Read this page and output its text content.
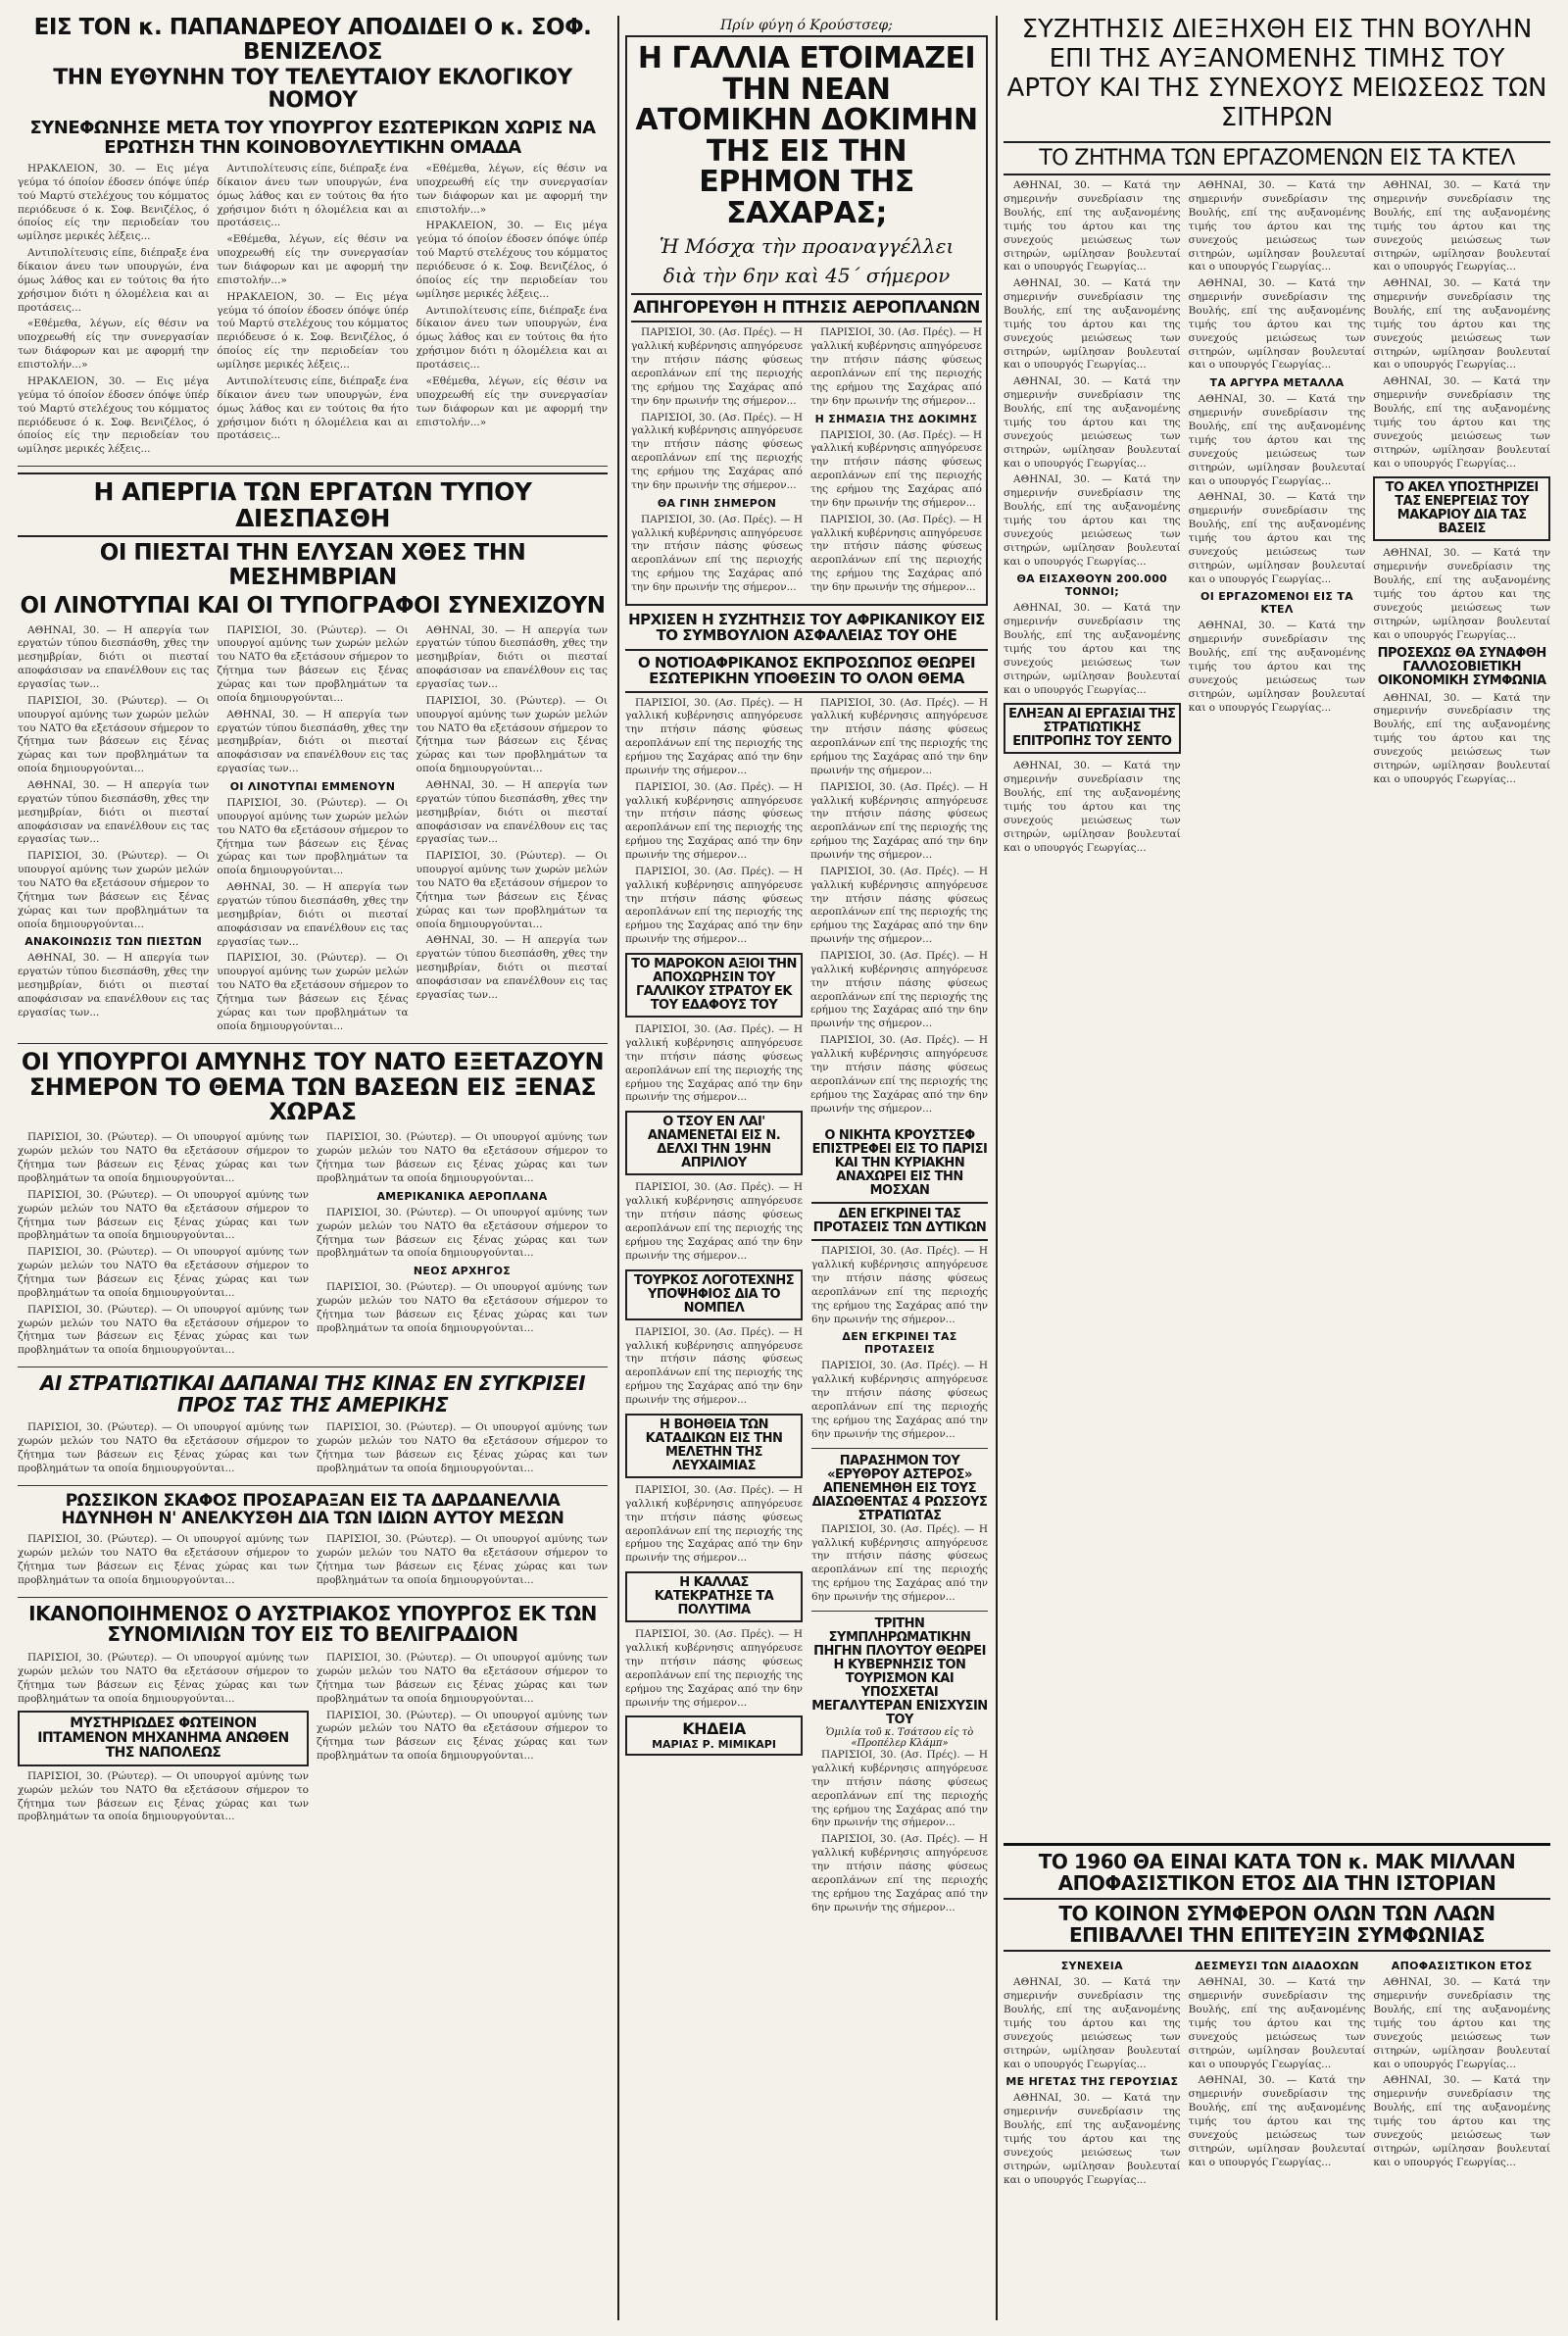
ΕΙΣ ΤΟΝ κ. ΠΑΠΑΝΔΡΕΟΥ ΑΠΟΔΙΔΕΙ Ο κ. ΣΟΦ. ΒΕΝΙΖΕΛΟΣ
ΤΗΝ ΕΥΘΥΝΗΝ ΤΟΥ ΤΕΛΕΥΤΑΙΟΥ ΕΚΛΟΓΙΚΟΥ ΝΟΜΟΥ
ΣΥΝΕΦΩΝΗΣΕ ΜΕΤΑ ΤΟΥ ΥΠΟΥΡΓΟΥ ΕΣΩΤΕΡΙΚΩΝ ΧΩΡΙΣ ΝΑ ΕΡΩΤΗΣΗ ΤΗΝ ΚΟΙΝΟΒΟΥΛΕΥΤΙΚΗΝ ΟΜΑΔΑ

ΗΡΑΚΛΕΙΟΝ, 30. — Εις μέγα γεύμα τό όποίον έδοσεν όπόψε ύπέρ τού Μαρτύ στελέχους του κόμματος περιόδευσε ό κ. Σοφ. Βενιζέλος, ό όποίος είς την περιοδείαν του ωμίλησε μερικές λέξεις...

Αντιπολίτευσις είπε, διέπραξε ένα δίκαιον άνευ των υπουργών, ένα όμως λάθος και εν τούτοις θα ήτο χρήσιμον διότι η όλομέλεια και αι προτάσεις...

«Εθέμεθα, λέγων, είς θέσιν να υποχρεωθή είς την συνεργασίαν των διάφορων και με αφορμή την επιστολήν...»

ΗΡΑΚΛΕΙΟΝ, 30. — Εις μέγα γεύμα τό όποίον έδοσεν όπόψε ύπέρ τού Μαρτύ στελέχους του κόμματος περιόδευσε ό κ. Σοφ. Βενιζέλος, ό όποίος είς την περιοδείαν του ωμίλησε μερικές λέξεις...

Αντιπολίτευσις είπε, διέπραξε ένα δίκαιον άνευ των υπουργών, ένα όμως λάθος και εν τούτοις θα ήτο χρήσιμον διότι η όλομέλεια και αι προτάσεις...

«Εθέμεθα, λέγων, είς θέσιν να υποχρεωθή είς την συνεργασίαν των διάφορων και με αφορμή την επιστολήν...»

ΗΡΑΚΛΕΙΟΝ, 30. — Εις μέγα γεύμα τό όποίον έδοσεν όπόψε ύπέρ τού Μαρτύ στελέχους του κόμματος περιόδευσε ό κ. Σοφ. Βενιζέλος, ό όποίος είς την περιοδείαν του ωμίλησε μερικές λέξεις...

Αντιπολίτευσις είπε, διέπραξε ένα δίκαιον άνευ των υπουργών, ένα όμως λάθος και εν τούτοις θα ήτο χρήσιμον διότι η όλομέλεια και αι προτάσεις...

«Εθέμεθα, λέγων, είς θέσιν να υποχρεωθή είς την συνεργασίαν των διάφορων και με αφορμή την επιστολήν...»

ΗΡΑΚΛΕΙΟΝ, 30. — Εις μέγα γεύμα τό όποίον έδοσεν όπόψε ύπέρ τού Μαρτύ στελέχους του κόμματος περιόδευσε ό κ. Σοφ. Βενιζέλος, ό όποίος είς την περιοδείαν του ωμίλησε μερικές λέξεις...

Αντιπολίτευσις είπε, διέπραξε ένα δίκαιον άνευ των υπουργών, ένα όμως λάθος και εν τούτοις θα ήτο χρήσιμον διότι η όλομέλεια και αι προτάσεις...

«Εθέμεθα, λέγων, είς θέσιν να υποχρεωθή είς την συνεργασίαν των διάφορων και με αφορμή την επιστολήν...»

Η ΑΠΕΡΓΙΑ ΤΩΝ ΕΡΓΑΤΩΝ ΤΥΠΟΥ ΔΙΕΣΠΑΣΘΗ
ΟΙ ΠΙΕΣΤΑΙ ΤΗΝ ΕΛΥΣΑΝ ΧΘΕΣ ΤΗΝ ΜΕΣΗΜΒΡΙΑΝ
ΟΙ ΛΙΝΟΤΥΠΑΙ ΚΑΙ ΟΙ ΤΥΠΟΓΡΑΦΟΙ ΣΥΝΕΧΙΖΟΥΝ

ΑΘΗΝΑΙ, 30. — Η απεργία των εργατών τύπου διεσπάσθη, χθες την μεσημβρίαν, διότι οι πιεσταί αποφάσισαν να επανέλθουν εις τας εργασίας των...

ΠΑΡΙΣΙΟΙ, 30. (Ρώυτερ). — Οι υπουργοί αμύνης των χωρών μελών του ΝΑΤΟ θα εξετάσουν σήμερον το ζήτημα των βάσεων εις ξένας χώρας και των προβλημάτων τα οποία δημιουργούνται...

ΑΘΗΝΑΙ, 30. — Η απεργία των εργατών τύπου διεσπάσθη, χθες την μεσημβρίαν, διότι οι πιεσταί αποφάσισαν να επανέλθουν εις τας εργασίας των...

ΠΑΡΙΣΙΟΙ, 30. (Ρώυτερ). — Οι υπουργοί αμύνης των χωρών μελών του ΝΑΤΟ θα εξετάσουν σήμερον το ζήτημα των βάσεων εις ξένας χώρας και των προβλημάτων τα οποία δημιουργούνται...

ΑΝΑΚΟΙΝΩΣΙΣ ΤΩΝ ΠΙΕΣΤΩΝ

ΑΘΗΝΑΙ, 30. — Η απεργία των εργατών τύπου διεσπάσθη, χθες την μεσημβρίαν, διότι οι πιεσταί αποφάσισαν να επανέλθουν εις τας εργασίας των...

ΠΑΡΙΣΙΟΙ, 30. (Ρώυτερ). — Οι υπουργοί αμύνης των χωρών μελών του ΝΑΤΟ θα εξετάσουν σήμερον το ζήτημα των βάσεων εις ξένας χώρας και των προβλημάτων τα οποία δημιουργούνται...

ΑΘΗΝΑΙ, 30. — Η απεργία των εργατών τύπου διεσπάσθη, χθες την μεσημβρίαν, διότι οι πιεσταί αποφάσισαν να επανέλθουν εις τας εργασίας των...

ΟΙ ΛΙΝΟΤΥΠΑΙ ΕΜΜΕΝΟΥΝ

ΠΑΡΙΣΙΟΙ, 30. (Ρώυτερ). — Οι υπουργοί αμύνης των χωρών μελών του ΝΑΤΟ θα εξετάσουν σήμερον το ζήτημα των βάσεων εις ξένας χώρας και των προβλημάτων τα οποία δημιουργούνται...

ΑΘΗΝΑΙ, 30. — Η απεργία των εργατών τύπου διεσπάσθη, χθες την μεσημβρίαν, διότι οι πιεσταί αποφάσισαν να επανέλθουν εις τας εργασίας των...

ΠΑΡΙΣΙΟΙ, 30. (Ρώυτερ). — Οι υπουργοί αμύνης των χωρών μελών του ΝΑΤΟ θα εξετάσουν σήμερον το ζήτημα των βάσεων εις ξένας χώρας και των προβλημάτων τα οποία δημιουργούνται...

ΑΘΗΝΑΙ, 30. — Η απεργία των εργατών τύπου διεσπάσθη, χθες την μεσημβρίαν, διότι οι πιεσταί αποφάσισαν να επανέλθουν εις τας εργασίας των...

ΠΑΡΙΣΙΟΙ, 30. (Ρώυτερ). — Οι υπουργοί αμύνης των χωρών μελών του ΝΑΤΟ θα εξετάσουν σήμερον το ζήτημα των βάσεων εις ξένας χώρας και των προβλημάτων τα οποία δημιουργούνται...

ΑΘΗΝΑΙ, 30. — Η απεργία των εργατών τύπου διεσπάσθη, χθες την μεσημβρίαν, διότι οι πιεσταί αποφάσισαν να επανέλθουν εις τας εργασίας των...

ΠΑΡΙΣΙΟΙ, 30. (Ρώυτερ). — Οι υπουργοί αμύνης των χωρών μελών του ΝΑΤΟ θα εξετάσουν σήμερον το ζήτημα των βάσεων εις ξένας χώρας και των προβλημάτων τα οποία δημιουργούνται...

ΑΘΗΝΑΙ, 30. — Η απεργία των εργατών τύπου διεσπάσθη, χθες την μεσημβρίαν, διότι οι πιεσταί αποφάσισαν να επανέλθουν εις τας εργασίας των...

ΟΙ ΥΠΟΥΡΓΟΙ ΑΜΥΝΗΣ ΤΟΥ ΝΑΤΟ ΕΞΕΤΑΖΟΥΝ ΣΗΜΕΡΟΝ ΤΟ ΘΕΜΑ ΤΩΝ ΒΑΣΕΩΝ ΕΙΣ ΞΕΝΑΣ ΧΩΡΑΣ

ΠΑΡΙΣΙΟΙ, 30. (Ρώυτερ). — Οι υπουργοί αμύνης των χωρών μελών του ΝΑΤΟ θα εξετάσουν σήμερον το ζήτημα των βάσεων εις ξένας χώρας και των προβλημάτων τα οποία δημιουργούνται...

ΠΑΡΙΣΙΟΙ, 30. (Ρώυτερ). — Οι υπουργοί αμύνης των χωρών μελών του ΝΑΤΟ θα εξετάσουν σήμερον το ζήτημα των βάσεων εις ξένας χώρας και των προβλημάτων τα οποία δημιουργούνται...

ΠΑΡΙΣΙΟΙ, 30. (Ρώυτερ). — Οι υπουργοί αμύνης των χωρών μελών του ΝΑΤΟ θα εξετάσουν σήμερον το ζήτημα των βάσεων εις ξένας χώρας και των προβλημάτων τα οποία δημιουργούνται...

ΠΑΡΙΣΙΟΙ, 30. (Ρώυτερ). — Οι υπουργοί αμύνης των χωρών μελών του ΝΑΤΟ θα εξετάσουν σήμερον το ζήτημα των βάσεων εις ξένας χώρας και των προβλημάτων τα οποία δημιουργούνται...

ΠΑΡΙΣΙΟΙ, 30. (Ρώυτερ). — Οι υπουργοί αμύνης των χωρών μελών του ΝΑΤΟ θα εξετάσουν σήμερον το ζήτημα των βάσεων εις ξένας χώρας και των προβλημάτων τα οποία δημιουργούνται...

ΑΜΕΡΙΚΑΝΙΚΑ ΑΕΡΟΠΛΑΝΑ

ΠΑΡΙΣΙΟΙ, 30. (Ρώυτερ). — Οι υπουργοί αμύνης των χωρών μελών του ΝΑΤΟ θα εξετάσουν σήμερον το ζήτημα των βάσεων εις ξένας χώρας και των προβλημάτων τα οποία δημιουργούνται...

ΝΕΟΣ ΑΡΧΗΓΟΣ

ΠΑΡΙΣΙΟΙ, 30. (Ρώυτερ). — Οι υπουργοί αμύνης των χωρών μελών του ΝΑΤΟ θα εξετάσουν σήμερον το ζήτημα των βάσεων εις ξένας χώρας και των προβλημάτων τα οποία δημιουργούνται...

ΑΙ ΣΤΡΑΤΙΩΤΙΚΑΙ ΔΑΠΑΝΑΙ ΤΗΣ ΚΙΝΑΣ ΕΝ ΣΥΓΚΡΙΣΕΙ ΠΡΟΣ ΤΑΣ ΤΗΣ ΑΜΕΡΙΚΗΣ

ΠΑΡΙΣΙΟΙ, 30. (Ρώυτερ). — Οι υπουργοί αμύνης των χωρών μελών του ΝΑΤΟ θα εξετάσουν σήμερον το ζήτημα των βάσεων εις ξένας χώρας και των προβλημάτων τα οποία δημιουργούνται...

ΠΑΡΙΣΙΟΙ, 30. (Ρώυτερ). — Οι υπουργοί αμύνης των χωρών μελών του ΝΑΤΟ θα εξετάσουν σήμερον το ζήτημα των βάσεων εις ξένας χώρας και των προβλημάτων τα οποία δημιουργούνται...

ΡΩΣΣΙΚΟΝ ΣΚΑΦΟΣ ΠΡΟΣΑΡΑΞΑΝ ΕΙΣ ΤΑ ΔΑΡΔΑΝΕΛΛΙΑ ΗΔΥΝΗΘΗ Ν' ΑΝΕΛΚΥΣΘΗ ΔΙΑ ΤΩΝ ΙΔΙΩΝ ΑΥΤΟΥ ΜΕΣΩΝ

ΠΑΡΙΣΙΟΙ, 30. (Ρώυτερ). — Οι υπουργοί αμύνης των χωρών μελών του ΝΑΤΟ θα εξετάσουν σήμερον το ζήτημα των βάσεων εις ξένας χώρας και των προβλημάτων τα οποία δημιουργούνται...

ΠΑΡΙΣΙΟΙ, 30. (Ρώυτερ). — Οι υπουργοί αμύνης των χωρών μελών του ΝΑΤΟ θα εξετάσουν σήμερον το ζήτημα των βάσεων εις ξένας χώρας και των προβλημάτων τα οποία δημιουργούνται...

ΙΚΑΝΟΠΟΙΗΜΕΝΟΣ Ο ΑΥΣΤΡΙΑΚΟΣ ΥΠΟΥΡΓΟΣ ΕΚ ΤΩΝ ΣΥΝΟΜΙΛΙΩΝ ΤΟΥ ΕΙΣ ΤΟ ΒΕΛΙΓΡΑΔΙΟΝ

ΠΑΡΙΣΙΟΙ, 30. (Ρώυτερ). — Οι υπουργοί αμύνης των χωρών μελών του ΝΑΤΟ θα εξετάσουν σήμερον το ζήτημα των βάσεων εις ξένας χώρας και των προβλημάτων τα οποία δημιουργούνται...

ΜΥΣΤΗΡΙΩΔΕΣ ΦΩΤΕΙΝΟΝ ΙΠΤΑΜΕΝΟΝ ΜΗΧΑΝΗΜΑ ΑΝΩΘΕΝ ΤΗΣ ΝΑΠΟΛΕΩΣ

ΠΑΡΙΣΙΟΙ, 30. (Ρώυτερ). — Οι υπουργοί αμύνης των χωρών μελών του ΝΑΤΟ θα εξετάσουν σήμερον το ζήτημα των βάσεων εις ξένας χώρας και των προβλημάτων τα οποία δημιουργούνται...

ΠΑΡΙΣΙΟΙ, 30. (Ρώυτερ). — Οι υπουργοί αμύνης των χωρών μελών του ΝΑΤΟ θα εξετάσουν σήμερον το ζήτημα των βάσεων εις ξένας χώρας και των προβλημάτων τα οποία δημιουργούνται...

ΠΑΡΙΣΙΟΙ, 30. (Ρώυτερ). — Οι υπουργοί αμύνης των χωρών μελών του ΝΑΤΟ θα εξετάσουν σήμερον το ζήτημα των βάσεων εις ξένας χώρας και των προβλημάτων τα οποία δημιουργούνται...

Πρίν φύγη ό Κρούστσεφ;
Η ΓΑΛΛΙΑ ΕΤΟΙΜΑΖΕΙ ΤΗΝ ΝΕΑΝ ΑΤΟΜΙΚΗΝ ΔΟΚΙΜΗΝ ΤΗΣ ΕΙΣ ΤΗΝ ΕΡΗΜΟΝ ΤΗΣ ΣΑΧΑΡΑΣ;
Ἡ Μόσχα τὴν προαναγγέλλει
διὰ τὴν 6ην καὶ 45΄ σήμερον
ΑΠΗΓΟΡΕΥΘΗ Η ΠΤΗΣΙΣ ΑΕΡΟΠΛΑΝΩΝ

ΠΑΡΙΣΙΟΙ, 30. (Ασ. Πρές). — Η γαλλική κυβέρνησις απηγόρευσε την πτήσιν πάσης φύσεως αεροπλάνων επί της περιοχής της ερήμου της Σαχάρας από την 6ην πρωινήν της σήμερον...

ΠΑΡΙΣΙΟΙ, 30. (Ασ. Πρές). — Η γαλλική κυβέρνησις απηγόρευσε την πτήσιν πάσης φύσεως αεροπλάνων επί της περιοχής της ερήμου της Σαχάρας από την 6ην πρωινήν της σήμερον...

ΘΑ ΓΙΝΗ ΣΗΜΕΡΟΝ

ΠΑΡΙΣΙΟΙ, 30. (Ασ. Πρές). — Η γαλλική κυβέρνησις απηγόρευσε την πτήσιν πάσης φύσεως αεροπλάνων επί της περιοχής της ερήμου της Σαχάρας από την 6ην πρωινήν της σήμερον...

ΠΑΡΙΣΙΟΙ, 30. (Ασ. Πρές). — Η γαλλική κυβέρνησις απηγόρευσε την πτήσιν πάσης φύσεως αεροπλάνων επί της περιοχής της ερήμου της Σαχάρας από την 6ην πρωινήν της σήμερον...

Η ΣΗΜΑΣΙΑ ΤΗΣ ΔΟΚΙΜΗΣ

ΠΑΡΙΣΙΟΙ, 30. (Ασ. Πρές). — Η γαλλική κυβέρνησις απηγόρευσε την πτήσιν πάσης φύσεως αεροπλάνων επί της περιοχής της ερήμου της Σαχάρας από την 6ην πρωινήν της σήμερον...

ΠΑΡΙΣΙΟΙ, 30. (Ασ. Πρές). — Η γαλλική κυβέρνησις απηγόρευσε την πτήσιν πάσης φύσεως αεροπλάνων επί της περιοχής της ερήμου της Σαχάρας από την 6ην πρωινήν της σήμερον...

ΗΡΧΙΣΕΝ Η ΣΥΖΗΤΗΣΙΣ ΤΟΥ ΑΦΡΙΚΑΝΙΚΟΥ ΕΙΣ ΤΟ ΣΥΜΒΟΥΛΙΟΝ ΑΣΦΑΛΕΙΑΣ ΤΟΥ ΟΗΕ
Ο ΝΟΤΙΟΑΦΡΙΚΑΝΟΣ ΕΚΠΡΟΣΩΠΟΣ ΘΕΩΡΕΙ ΕΣΩΤΕΡΙΚΗΝ ΥΠΟΘΕΣΙΝ ΤΟ ΟΛΟΝ ΘΕΜΑ

ΠΑΡΙΣΙΟΙ, 30. (Ασ. Πρές). — Η γαλλική κυβέρνησις απηγόρευσε την πτήσιν πάσης φύσεως αεροπλάνων επί της περιοχής της ερήμου της Σαχάρας από την 6ην πρωινήν της σήμερον...

ΠΑΡΙΣΙΟΙ, 30. (Ασ. Πρές). — Η γαλλική κυβέρνησις απηγόρευσε την πτήσιν πάσης φύσεως αεροπλάνων επί της περιοχής της ερήμου της Σαχάρας από την 6ην πρωινήν της σήμερον...

ΠΑΡΙΣΙΟΙ, 30. (Ασ. Πρές). — Η γαλλική κυβέρνησις απηγόρευσε την πτήσιν πάσης φύσεως αεροπλάνων επί της περιοχής της ερήμου της Σαχάρας από την 6ην πρωινήν της σήμερον...

ΤΟ ΜΑΡΟΚΟΝ ΑΞΙΟΙ ΤΗΝ ΑΠΟΧΩΡΗΣΙΝ ΤΟΥ ΓΑΛΛΙΚΟΥ ΣΤΡΑΤΟΥ ΕΚ ΤΟΥ ΕΔΑΦΟΥΣ ΤΟΥ

ΠΑΡΙΣΙΟΙ, 30. (Ασ. Πρές). — Η γαλλική κυβέρνησις απηγόρευσε την πτήσιν πάσης φύσεως αεροπλάνων επί της περιοχής της ερήμου της Σαχάρας από την 6ην πρωινήν της σήμερον...

Ο ΤΣΟΥ ΕΝ ΛΑΙ' ΑΝΑΜΕΝΕΤΑΙ ΕΙΣ Ν. ΔΕΛΧΙ ΤΗΝ 19ΗΝ ΑΠΡΙΛΙΟΥ

ΠΑΡΙΣΙΟΙ, 30. (Ασ. Πρές). — Η γαλλική κυβέρνησις απηγόρευσε την πτήσιν πάσης φύσεως αεροπλάνων επί της περιοχής της ερήμου της Σαχάρας από την 6ην πρωινήν της σήμερον...

ΤΟΥΡΚΟΣ ΛΟΓΟΤΕΧΝΗΣ ΥΠΟΨΗΦΙΟΣ ΔΙΑ ΤΟ ΝΟΜΠΕΛ

ΠΑΡΙΣΙΟΙ, 30. (Ασ. Πρές). — Η γαλλική κυβέρνησις απηγόρευσε την πτήσιν πάσης φύσεως αεροπλάνων επί της περιοχής της ερήμου της Σαχάρας από την 6ην πρωινήν της σήμερον...

Η ΒΟΗΘΕΙΑ ΤΩΝ ΚΑΤΑΔΙΚΩΝ ΕΙΣ ΤΗΝ ΜΕΛΕΤΗΝ ΤΗΣ ΛΕΥΧΑΙΜΙΑΣ

ΠΑΡΙΣΙΟΙ, 30. (Ασ. Πρές). — Η γαλλική κυβέρνησις απηγόρευσε την πτήσιν πάσης φύσεως αεροπλάνων επί της περιοχής της ερήμου της Σαχάρας από την 6ην πρωινήν της σήμερον...

Η ΚΑΛΛΑΣ ΚΑΤΕΚΡΑΤΗΣΕ ΤΑ ΠΟΛΥΤΙΜΑ

ΠΑΡΙΣΙΟΙ, 30. (Ασ. Πρές). — Η γαλλική κυβέρνησις απηγόρευσε την πτήσιν πάσης φύσεως αεροπλάνων επί της περιοχής της ερήμου της Σαχάρας από την 6ην πρωινήν της σήμερον...

ΚΗΔΕΙΑ
ΜΑΡΙΑΣ Ρ. ΜΙΜΙΚΑΡΙ

ΠΑΡΙΣΙΟΙ, 30. (Ασ. Πρές). — Η γαλλική κυβέρνησις απηγόρευσε την πτήσιν πάσης φύσεως αεροπλάνων επί της περιοχής της ερήμου της Σαχάρας από την 6ην πρωινήν της σήμερον...

ΠΑΡΙΣΙΟΙ, 30. (Ασ. Πρές). — Η γαλλική κυβέρνησις απηγόρευσε την πτήσιν πάσης φύσεως αεροπλάνων επί της περιοχής της ερήμου της Σαχάρας από την 6ην πρωινήν της σήμερον...

ΠΑΡΙΣΙΟΙ, 30. (Ασ. Πρές). — Η γαλλική κυβέρνησις απηγόρευσε την πτήσιν πάσης φύσεως αεροπλάνων επί της περιοχής της ερήμου της Σαχάρας από την 6ην πρωινήν της σήμερον...

ΠΑΡΙΣΙΟΙ, 30. (Ασ. Πρές). — Η γαλλική κυβέρνησις απηγόρευσε την πτήσιν πάσης φύσεως αεροπλάνων επί της περιοχής της ερήμου της Σαχάρας από την 6ην πρωινήν της σήμερον...

ΠΑΡΙΣΙΟΙ, 30. (Ασ. Πρές). — Η γαλλική κυβέρνησις απηγόρευσε την πτήσιν πάσης φύσεως αεροπλάνων επί της περιοχής της ερήμου της Σαχάρας από την 6ην πρωινήν της σήμερον...

Ο ΝΙΚΗΤΑ ΚΡΟΥΣΤΣΕΦ ΕΠΙΣΤΡΕΦΕΙ ΕΙΣ ΤΟ ΠΑΡΙΣΙ ΚΑΙ ΤΗΝ ΚΥΡΙΑΚΗΝ ΑΝΑΧΩΡΕΙ ΕΙΣ ΤΗΝ ΜΟΣΧΑΝ
ΔΕΝ ΕΓΚΡΙΝΕΙ ΤΑΣ ΠΡΟΤΑΣΕΙΣ ΤΩΝ ΔΥΤΙΚΩΝ

ΠΑΡΙΣΙΟΙ, 30. (Ασ. Πρές). — Η γαλλική κυβέρνησις απηγόρευσε την πτήσιν πάσης φύσεως αεροπλάνων επί της περιοχής της ερήμου της Σαχάρας από την 6ην πρωινήν της σήμερον...

ΔΕΝ ΕΓΚΡΙΝΕΙ ΤΑΣ ΠΡΟΤΑΣΕΙΣ

ΠΑΡΙΣΙΟΙ, 30. (Ασ. Πρές). — Η γαλλική κυβέρνησις απηγόρευσε την πτήσιν πάσης φύσεως αεροπλάνων επί της περιοχής της ερήμου της Σαχάρας από την 6ην πρωινήν της σήμερον...

ΠΑΡΑΣΗΜΟΝ ΤΟΥ «ΕΡΥΘΡΟΥ ΑΣΤΕΡΟΣ» ΑΠΕΝΕΜΗΘΗ ΕΙΣ ΤΟΥΣ ΔΙΑΣΩΘΕΝΤΑΣ 4 ΡΩΣΣΟΥΣ ΣΤΡΑΤΙΩΤΑΣ

ΠΑΡΙΣΙΟΙ, 30. (Ασ. Πρές). — Η γαλλική κυβέρνησις απηγόρευσε την πτήσιν πάσης φύσεως αεροπλάνων επί της περιοχής της ερήμου της Σαχάρας από την 6ην πρωινήν της σήμερον...

ΤΡΙΤΗΝ ΣΥΜΠΛΗΡΩΜΑΤΙΚΗΝ ΠΗΓΗΝ ΠΛΟΥΤΟΥ ΘΕΩΡΕΙ Η ΚΥΒΕΡΝΗΣΙΣ ΤΟΝ ΤΟΥΡΙΣΜΟΝ ΚΑΙ ΥΠΟΣΧΕΤΑΙ ΜΕΓΑΛΥΤΕΡΑΝ ΕΝΙΣΧΥΣΙΝ ΤΟΥ
Ὁμιλία τοῦ κ. Τσάτσου εἰς τὸ «Προπέλερ Κλάμπ»

ΠΑΡΙΣΙΟΙ, 30. (Ασ. Πρές). — Η γαλλική κυβέρνησις απηγόρευσε την πτήσιν πάσης φύσεως αεροπλάνων επί της περιοχής της ερήμου της Σαχάρας από την 6ην πρωινήν της σήμερον...

ΠΑΡΙΣΙΟΙ, 30. (Ασ. Πρές). — Η γαλλική κυβέρνησις απηγόρευσε την πτήσιν πάσης φύσεως αεροπλάνων επί της περιοχής της ερήμου της Σαχάρας από την 6ην πρωινήν της σήμερον...

ΣΥΖΗΤΗΣΙΣ ΔΙΕΞΗΧΘΗ ΕΙΣ ΤΗΝ ΒΟΥΛΗΝ ΕΠΙ ΤΗΣ ΑΥΞΑΝΟΜΕΝΗΣ ΤΙΜΗΣ ΤΟΥ ΑΡΤΟΥ ΚΑΙ ΤΗΣ ΣΥΝΕΧΟΥΣ ΜΕΙΩΣΕΩΣ ΤΩΝ ΣΙΤΗΡΩΝ
ΤΟ ΖΗΤΗΜΑ ΤΩΝ ΕΡΓΑΖΟΜΕΝΩΝ ΕΙΣ ΤΑ ΚΤΕΛ

ΑΘΗΝΑΙ, 30. — Κατά την σημερινήν συνεδρίασιν της Βουλής, επί της αυξανομένης τιμής του άρτου και της συνεχούς μειώσεως των σιτηρών, ωμίλησαν βουλευταί και ο υπουργός Γεωργίας...

ΑΘΗΝΑΙ, 30. — Κατά την σημερινήν συνεδρίασιν της Βουλής, επί της αυξανομένης τιμής του άρτου και της συνεχούς μειώσεως των σιτηρών, ωμίλησαν βουλευταί και ο υπουργός Γεωργίας...

ΑΘΗΝΑΙ, 30. — Κατά την σημερινήν συνεδρίασιν της Βουλής, επί της αυξανομένης τιμής του άρτου και της συνεχούς μειώσεως των σιτηρών, ωμίλησαν βουλευταί και ο υπουργός Γεωργίας...

ΑΘΗΝΑΙ, 30. — Κατά την σημερινήν συνεδρίασιν της Βουλής, επί της αυξανομένης τιμής του άρτου και της συνεχούς μειώσεως των σιτηρών, ωμίλησαν βουλευταί και ο υπουργός Γεωργίας...

ΘΑ ΕΙΣΑΧΘΟΥΝ 200.000 ΤΟΝΝΟΙ;

ΑΘΗΝΑΙ, 30. — Κατά την σημερινήν συνεδρίασιν της Βουλής, επί της αυξανομένης τιμής του άρτου και της συνεχούς μειώσεως των σιτηρών, ωμίλησαν βουλευταί και ο υπουργός Γεωργίας...

ΕΛΗΞΑΝ ΑΙ ΕΡΓΑΣΙΑΙ ΤΗΣ ΣΤΡΑΤΙΩΤΙΚΗΣ ΕΠΙΤΡΟΠΗΣ ΤΟΥ ΣΕΝΤΟ

ΑΘΗΝΑΙ, 30. — Κατά την σημερινήν συνεδρίασιν της Βουλής, επί της αυξανομένης τιμής του άρτου και της συνεχούς μειώσεως των σιτηρών, ωμίλησαν βουλευταί και ο υπουργός Γεωργίας...

ΑΘΗΝΑΙ, 30. — Κατά την σημερινήν συνεδρίασιν της Βουλής, επί της αυξανομένης τιμής του άρτου και της συνεχούς μειώσεως των σιτηρών, ωμίλησαν βουλευταί και ο υπουργός Γεωργίας...

ΑΘΗΝΑΙ, 30. — Κατά την σημερινήν συνεδρίασιν της Βουλής, επί της αυξανομένης τιμής του άρτου και της συνεχούς μειώσεως των σιτηρών, ωμίλησαν βουλευταί και ο υπουργός Γεωργίας...

ΤΑ ΑΡΓΥΡΑ ΜΕΤΑΛΛΑ

ΑΘΗΝΑΙ, 30. — Κατά την σημερινήν συνεδρίασιν της Βουλής, επί της αυξανομένης τιμής του άρτου και της συνεχούς μειώσεως των σιτηρών, ωμίλησαν βουλευταί και ο υπουργός Γεωργίας...

ΑΘΗΝΑΙ, 30. — Κατά την σημερινήν συνεδρίασιν της Βουλής, επί της αυξανομένης τιμής του άρτου και της συνεχούς μειώσεως των σιτηρών, ωμίλησαν βουλευταί και ο υπουργός Γεωργίας...

ΟΙ ΕΡΓΑΖΟΜΕΝΟΙ ΕΙΣ ΤΑ ΚΤΕΛ

ΑΘΗΝΑΙ, 30. — Κατά την σημερινήν συνεδρίασιν της Βουλής, επί της αυξανομένης τιμής του άρτου και της συνεχούς μειώσεως των σιτηρών, ωμίλησαν βουλευταί και ο υπουργός Γεωργίας...

ΑΘΗΝΑΙ, 30. — Κατά την σημερινήν συνεδρίασιν της Βουλής, επί της αυξανομένης τιμής του άρτου και της συνεχούς μειώσεως των σιτηρών, ωμίλησαν βουλευταί και ο υπουργός Γεωργίας...

ΑΘΗΝΑΙ, 30. — Κατά την σημερινήν συνεδρίασιν της Βουλής, επί της αυξανομένης τιμής του άρτου και της συνεχούς μειώσεως των σιτηρών, ωμίλησαν βουλευταί και ο υπουργός Γεωργίας...

ΑΘΗΝΑΙ, 30. — Κατά την σημερινήν συνεδρίασιν της Βουλής, επί της αυξανομένης τιμής του άρτου και της συνεχούς μειώσεως των σιτηρών, ωμίλησαν βουλευταί και ο υπουργός Γεωργίας...

ΤΟ ΑΚΕΛ ΥΠΟΣΤΗΡΙΖΕΙ ΤΑΣ ΕΝΕΡΓΕΙΑΣ ΤΟΥ ΜΑΚΑΡΙΟΥ ΔΙΑ ΤΑΣ ΒΑΣΕΙΣ

ΑΘΗΝΑΙ, 30. — Κατά την σημερινήν συνεδρίασιν της Βουλής, επί της αυξανομένης τιμής του άρτου και της συνεχούς μειώσεως των σιτηρών, ωμίλησαν βουλευταί και ο υπουργός Γεωργίας...

ΠΡΟΣΕΧΩΣ ΘΑ ΣΥΝΑΦΘΗ ΓΑΛΛΟΣΟΒΙΕΤΙΚΗ ΟΙΚΟΝΟΜΙΚΗ ΣΥΜΦΩΝΙΑ

ΑΘΗΝΑΙ, 30. — Κατά την σημερινήν συνεδρίασιν της Βουλής, επί της αυξανομένης τιμής του άρτου και της συνεχούς μειώσεως των σιτηρών, ωμίλησαν βουλευταί και ο υπουργός Γεωργίας...

ΤΟ 1960 ΘΑ ΕΙΝΑΙ ΚΑΤΑ ΤΟΝ κ. ΜΑΚ ΜΙΛΛΑΝ ΑΠΟΦΑΣΙΣΤΙΚΟΝ ΕΤΟΣ ΔΙΑ ΤΗΝ ΙΣΤΟΡΙΑΝ
ΤΟ ΚΟΙΝΟΝ ΣΥΜΦΕΡΟΝ ΟΛΩΝ ΤΩΝ ΛΑΩΝ ΕΠΙΒΑΛΛΕΙ ΤΗΝ ΕΠΙΤΕΥΞΙΝ ΣΥΜΦΩΝΙΑΣ
ΣΥΝΕΧΕΙΑ

ΑΘΗΝΑΙ, 30. — Κατά την σημερινήν συνεδρίασιν της Βουλής, επί της αυξανομένης τιμής του άρτου και της συνεχούς μειώσεως των σιτηρών, ωμίλησαν βουλευταί και ο υπουργός Γεωργίας...

ΜΕ ΗΓΕΤΑΣ ΤΗΣ ΓΕΡΟΥΣΙΑΣ

ΑΘΗΝΑΙ, 30. — Κατά την σημερινήν συνεδρίασιν της Βουλής, επί της αυξανομένης τιμής του άρτου και της συνεχούς μειώσεως των σιτηρών, ωμίλησαν βουλευταί και ο υπουργός Γεωργίας...

ΔΕΣΜΕΥΣΙ ΤΩΝ ΔΙΑΔΟΧΩΝ

ΑΘΗΝΑΙ, 30. — Κατά την σημερινήν συνεδρίασιν της Βουλής, επί της αυξανομένης τιμής του άρτου και της συνεχούς μειώσεως των σιτηρών, ωμίλησαν βουλευταί και ο υπουργός Γεωργίας...

ΑΘΗΝΑΙ, 30. — Κατά την σημερινήν συνεδρίασιν της Βουλής, επί της αυξανομένης τιμής του άρτου και της συνεχούς μειώσεως των σιτηρών, ωμίλησαν βουλευταί και ο υπουργός Γεωργίας...

ΑΠΟΦΑΣΙΣΤΙΚΟΝ ΕΤΟΣ

ΑΘΗΝΑΙ, 30. — Κατά την σημερινήν συνεδρίασιν της Βουλής, επί της αυξανομένης τιμής του άρτου και της συνεχούς μειώσεως των σιτηρών, ωμίλησαν βουλευταί και ο υπουργός Γεωργίας...

ΑΘΗΝΑΙ, 30. — Κατά την σημερινήν συνεδρίασιν της Βουλής, επί της αυξανομένης τιμής του άρτου και της συνεχούς μειώσεως των σιτηρών, ωμίλησαν βουλευταί και ο υπουργός Γεωργίας...
